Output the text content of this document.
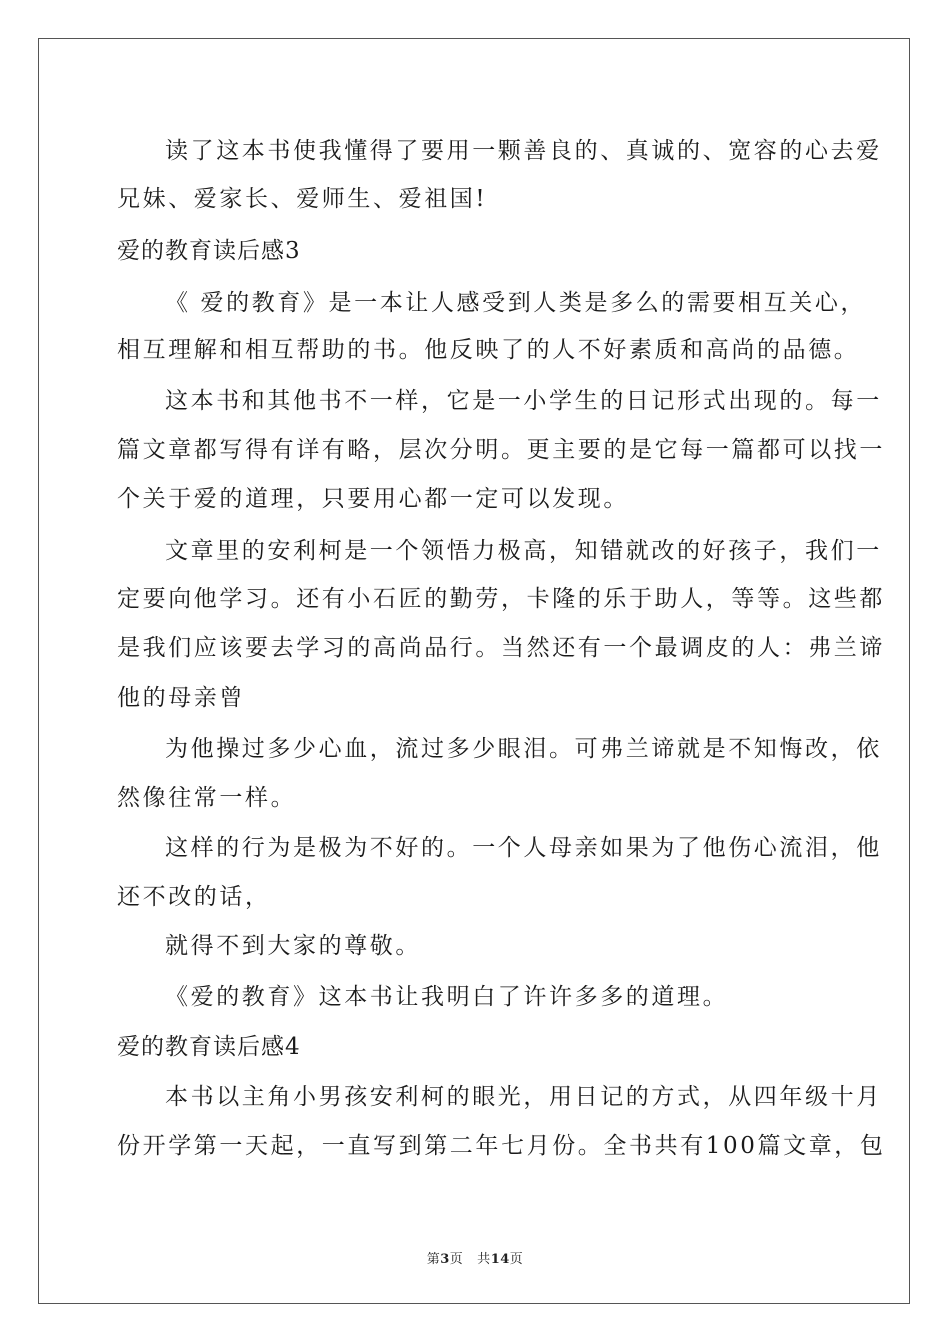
读了这本书使我懂得了要用一颗善良的、真诚的、宽容的心去爱
兄妹、爱家长、爱师生、爱祖国!
爱的教育读后感3
《 爱的教育》是一本让人感受到人类是多么的需要相互关心，
相互理解和相互帮助的书。他反映了的人不好素质和高尚的品德。
这本书和其他书不一样，它是一小学生的日记形式出现的。每一
篇文章都写得有详有略，层次分明。更主要的是它每一篇都可以找一
个关于爱的道理，只要用心都一定可以发现。
文章里的安利柯是一个领悟力极高，知错就改的好孩子，我们一
定要向他学习。还有小石匠的勤劳，卡隆的乐于助人，等等。这些都
是我们应该要去学习的高尚品行。当然还有一个最调皮的人：弗兰谛
他的母亲曾
为他操过多少心血，流过多少眼泪。可弗兰谛就是不知悔改，依
然像往常一样。
这样的行为是极为不好的。一个人母亲如果为了他伤心流泪，他
还不改的话，
就得不到大家的尊敬。
《爱的教育》这本书让我明白了许许多多的道理。
爱的教育读后感4
本书以主角小男孩安利柯的眼光，用日记的方式，从四年级十月
份开学第一天起，一直写到第二年七月份。全书共有100篇文章，包
第3页 共14页
